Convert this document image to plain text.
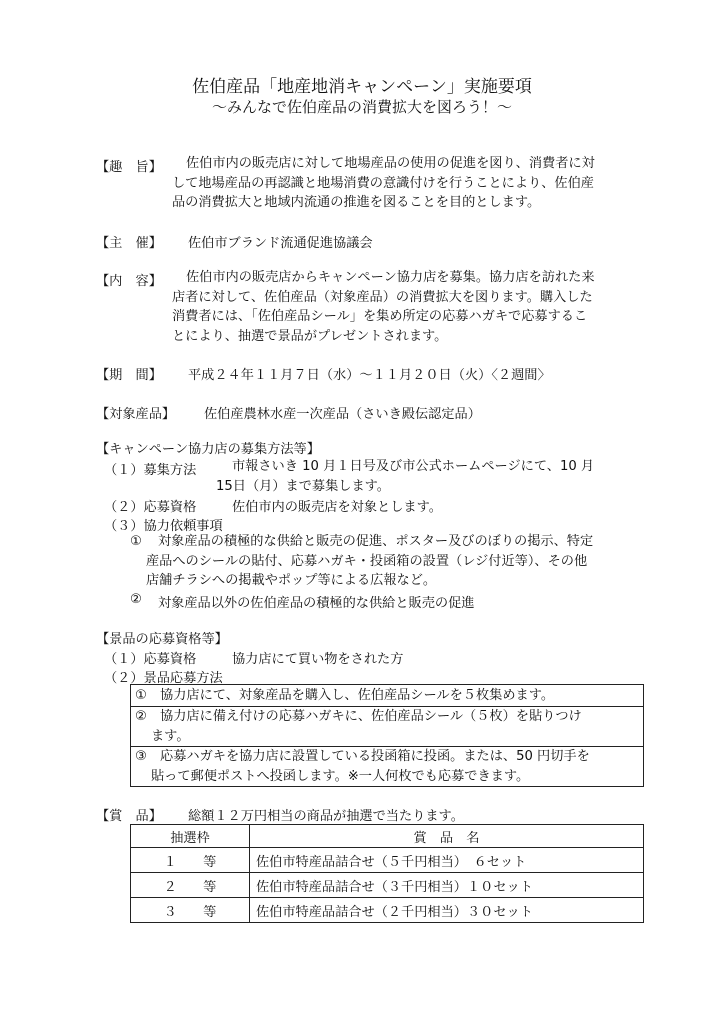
佐伯産品「地産地消キャンペーン」実施要項
～みんなで佐伯産品の消費拡大を図ろう！～
【趣　旨】	佐伯市内の販売店に対して地場産品の使用の促進を図り、消費者に対
して地場産品の再認識と地場消費の意識付けを行うことにより、佐伯産
品の消費拡大と地域内流通の推進を図ることを目的とします。
【主　催】 佐伯市ブランド流通促進協議会
【内　容】	佐伯市内の販売店からキャンペーン協力店を募集。協力店を訪れた来
店者に対して、佐伯産品（対象産品）の消費拡大を図ります。購入した
消費者には、「佐伯産品シール」を集め所定の応募ハガキで応募するこ
とにより、抽選で景品がプレゼントされます。
【期　間】 平成２４年１１月７日（水）～１１月２０日（火）〈２週間〉
【対象産品】 佐伯産農林水産一次産品（さいき殿伝認定品）
【キャンペーン協力店の募集方法等】
（１）募集方法	市報さいき 10 月１日号及び市公式ホームページにて、10 月
15日（月）まで募集します。
（２）応募資格	佐伯市内の販売店を対象とします。
（３）協力依頼事項
①	対象産品の積極的な供給と販売の促進、ポスター及びのぼりの掲示、特定
産品へのシールの貼付、応募ハガキ・投函箱の設置（レジ付近等）、その他
店舗チラシへの掲載やポップ等による広報など。
② 対象産品以外の佐伯産品の積極的な供給と販売の促進
【景品の応募資格等】
（１）応募資格	協力店にて買い物をされた方
（２）景品応募方法
①　 協力店にて、対象産品を購入し、佐伯産品シールを５枚集めます。

②　 協力店に備え付けの応募ハガキに、佐伯産品シール（５枚）を貼りつけ
ます。

③　 応募ハガキを協力店に設置している投函箱に投函。または、50 円切手を
貼って郵便ポストへ投函します。※一人何枚でも応募できます。
【賞　品】 総額１２万円相当の商品が抽選で当たります。
抽選枠	賞　品　名
１　　等	佐伯市特産品詰合せ（５千円相当）　６セット
２　　等	佐伯市特産品詰合せ（３千円相当）１０セット
３　　等	佐伯市特産品詰合せ（２千円相当）３０セット
